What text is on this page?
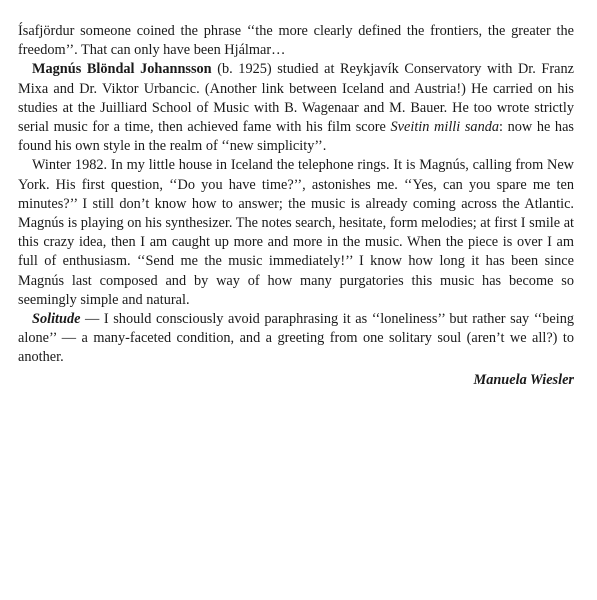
Ísafjördur someone coined the phrase ‘‘the more clearly defined the frontiers, the greater the freedom’’. That can only have been Hjálmar…

Magnús Blöndal Johannsson (b. 1925) studied at Reykjavík Conservatory with Dr. Franz Mixa and Dr. Viktor Urbancic. (Another link between Iceland and Austria!) He carried on his studies at the Juilliard School of Music with B. Wagenaar and M. Bauer. He too wrote strictly serial music for a time, then achieved fame with his film score Sveitin milli sanda: now he has found his own style in the realm of ‘‘new simplicity’’.

Winter 1982. In my little house in Iceland the telephone rings. It is Magnús, calling from New York. His first question, ‘‘Do you have time?’’, astonishes me. ‘‘Yes, can you spare me ten minutes?’’ I still don’t know how to answer; the music is already coming across the Atlantic. Magnús is playing on his synthesizer. The notes search, hesitate, form melodies; at first I smile at this crazy idea, then I am caught up more and more in the music. When the piece is over I am full of enthusiasm. ‘‘Send me the music immediately!’’ I know how long it has been since Magnús last composed and by way of how many purgatories this music has become so seemingly simple and natural.

Solitude — I should consciously avoid paraphrasing it as ‘‘loneliness’’ but rather say ‘‘being alone’’ — a many-faceted condition, and a greeting from one solitary soul (aren’t we all?) to another.

Manuela Wiesler
